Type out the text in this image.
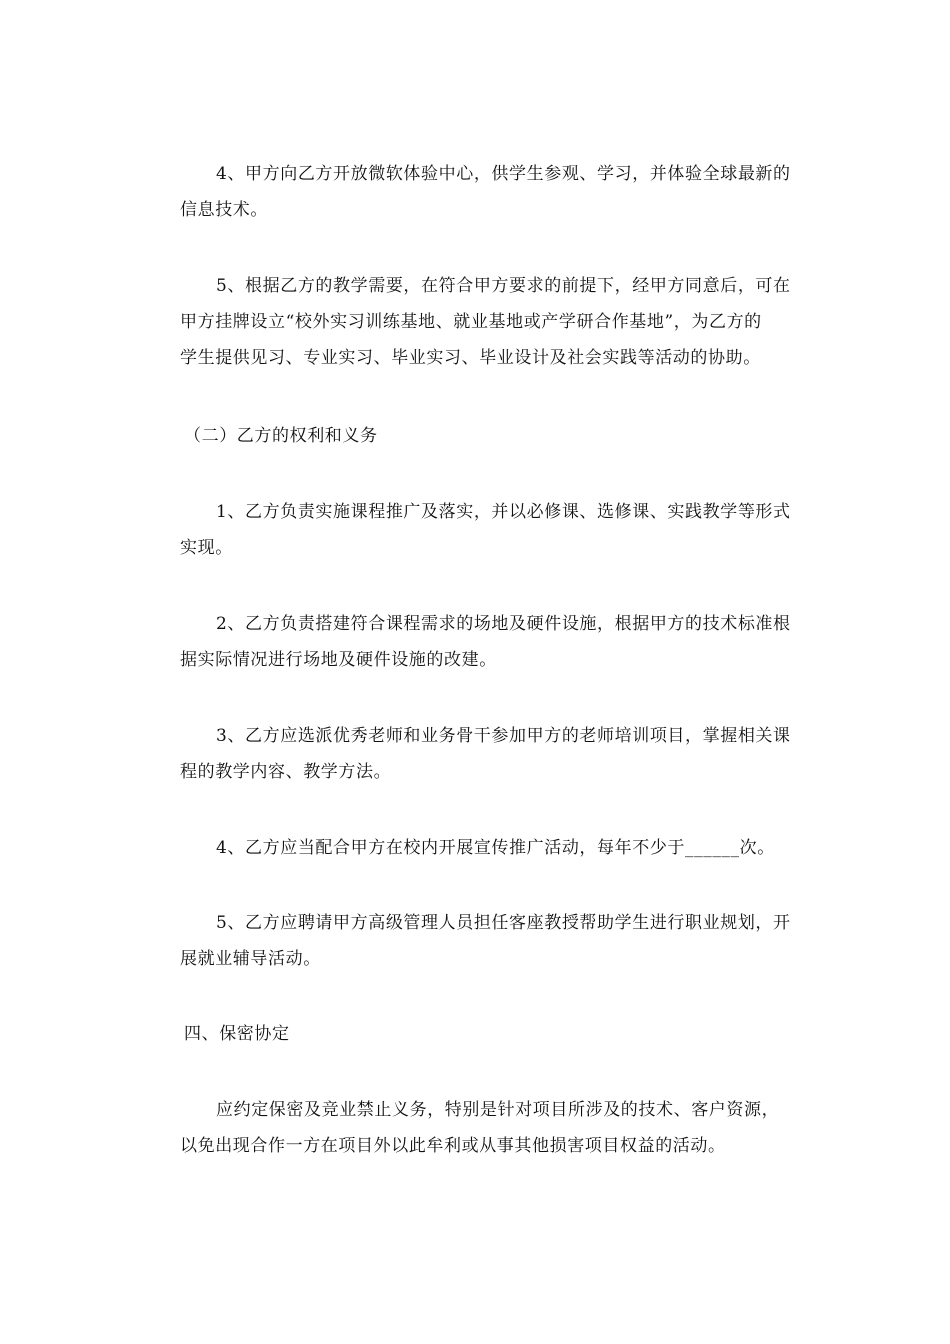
4、甲方向乙方开放微软体验中心，供学生参观、学习，并体验全球最新的
信息技术。
5、根据乙方的教学需要，在符合甲方要求的前提下，经甲方同意后，可在
甲方挂牌设立“校外实习训练基地、就业基地或产学研合作基地”，为乙方的
学生提供见习、专业实习、毕业实习、毕业设计及社会实践等活动的协助。

（二）乙方的权利和义务

1、乙方负责实施课程推广及落实，并以必修课、选修课、实践教学等形式
实现。
2、乙方负责搭建符合课程需求的场地及硬件设施，根据甲方的技术标准根
据实际情况进行场地及硬件设施的改建。
3、乙方应选派优秀老师和业务骨干参加甲方的老师培训项目，掌握相关课
程的教学内容、教学方法。
4、乙方应当配合甲方在校内开展宣传推广活动，每年不少于______次。
5、乙方应聘请甲方高级管理人员担任客座教授帮助学生进行职业规划，开
展就业辅导活动。

四、保密协定

应约定保密及竞业禁止义务，特别是针对项目所涉及的技术、客户资源，
以免出现合作一方在项目外以此牟利或从事其他损害项目权益的活动。
